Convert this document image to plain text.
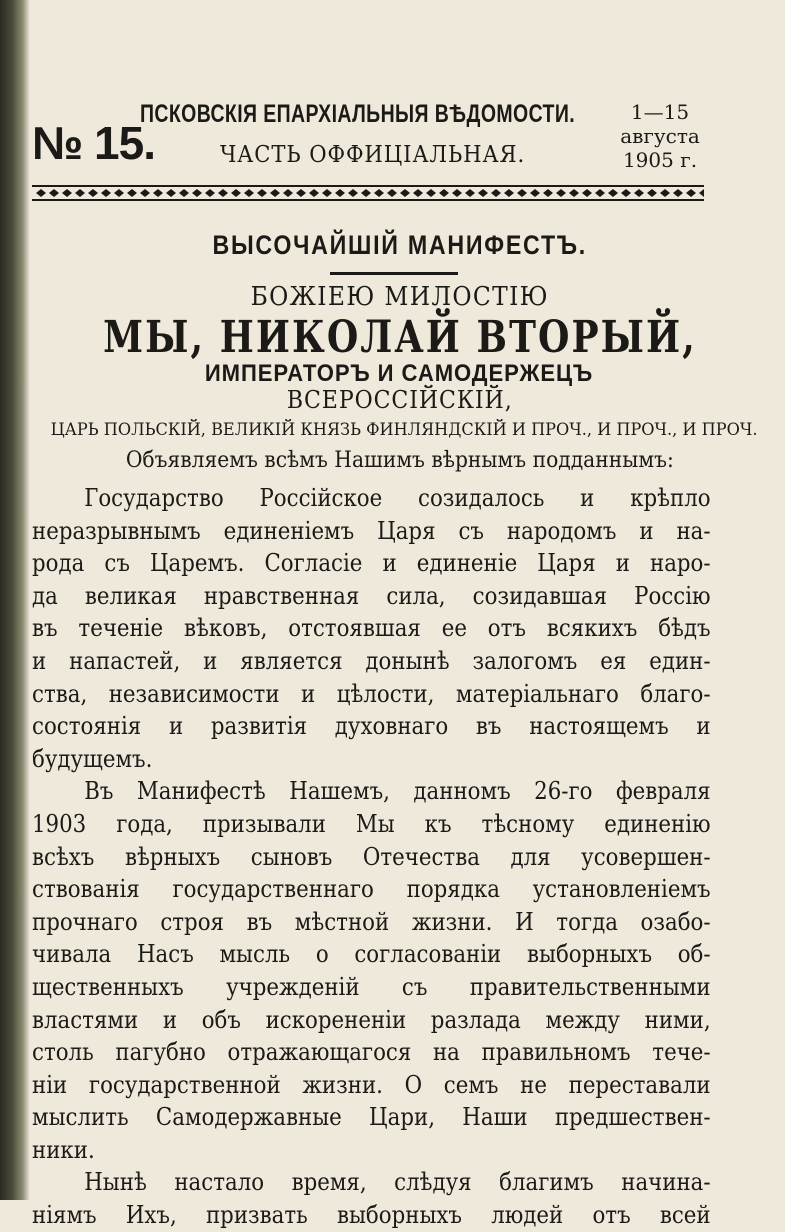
№ 15.
ПСКОВСКІЯ ЕПАРХІАЛЬНЫЯ ВѢДОМОСТИ.
ЧАСТЬ ОФФИЦІАЛЬНАЯ.
1—15
августа
1905 г.
ВЫСОЧАЙШІЙ МАНИФЕСТЪ.
БОЖІЕЮ МИЛОСТІЮ
МЫ, НИКОЛАЙ ВТОРЫЙ,
ИМПЕРАТОРЪ И САМОДЕРЖЕЦЪ
ВСЕРОССІЙСКІЙ,
ЦАРЬ ПОЛЬСКІЙ, ВЕЛИКІЙ КНЯЗЬ ФИНЛЯНДСКІЙ И ПРОЧ., И ПРОЧ., И ПРОЧ.
Объявляемъ всѣмъ Нашимъ вѣрнымъ подданнымъ:
Государство Россійское созидалось и крѣпло
неразрывнымъ единеніемъ Царя съ народомъ и на-
рода съ Царемъ. Согласіе и единеніе Царя и наро-
да великая нравственная сила, созидавшая Россію
въ теченіе вѣковъ, отстоявшая ее отъ всякихъ бѣдъ
и напастей, и является донынѣ залогомъ ея един-
ства, независимости и цѣлости, матеріальнаго благо-
состоянія и развитія духовнаго въ настоящемъ и
будущемъ.
Въ Манифестѣ Нашемъ, данномъ 26-го февраля
1903 года, призывали Мы къ тѣсному единенію
всѣхъ вѣрныхъ сыновъ Отечества для усовершен-
ствованія государственнаго порядка установленіемъ
прочнаго строя въ мѣстной жизни. И тогда озабо-
чивала Насъ мысль о согласованіи выборныхъ об-
щественныхъ учрежденій съ правительственными
властями и объ искорененіи разлада между ними,
столь пагубно отражающагося на правильномъ тече-
ніи государственной жизни. О семъ не переставали
мыслить Самодержавные Цари, Наши предшествен-
ники.
Нынѣ настало время, слѣдуя благимъ начина-
ніямъ Ихъ, призвать выборныхъ людей отъ всей
